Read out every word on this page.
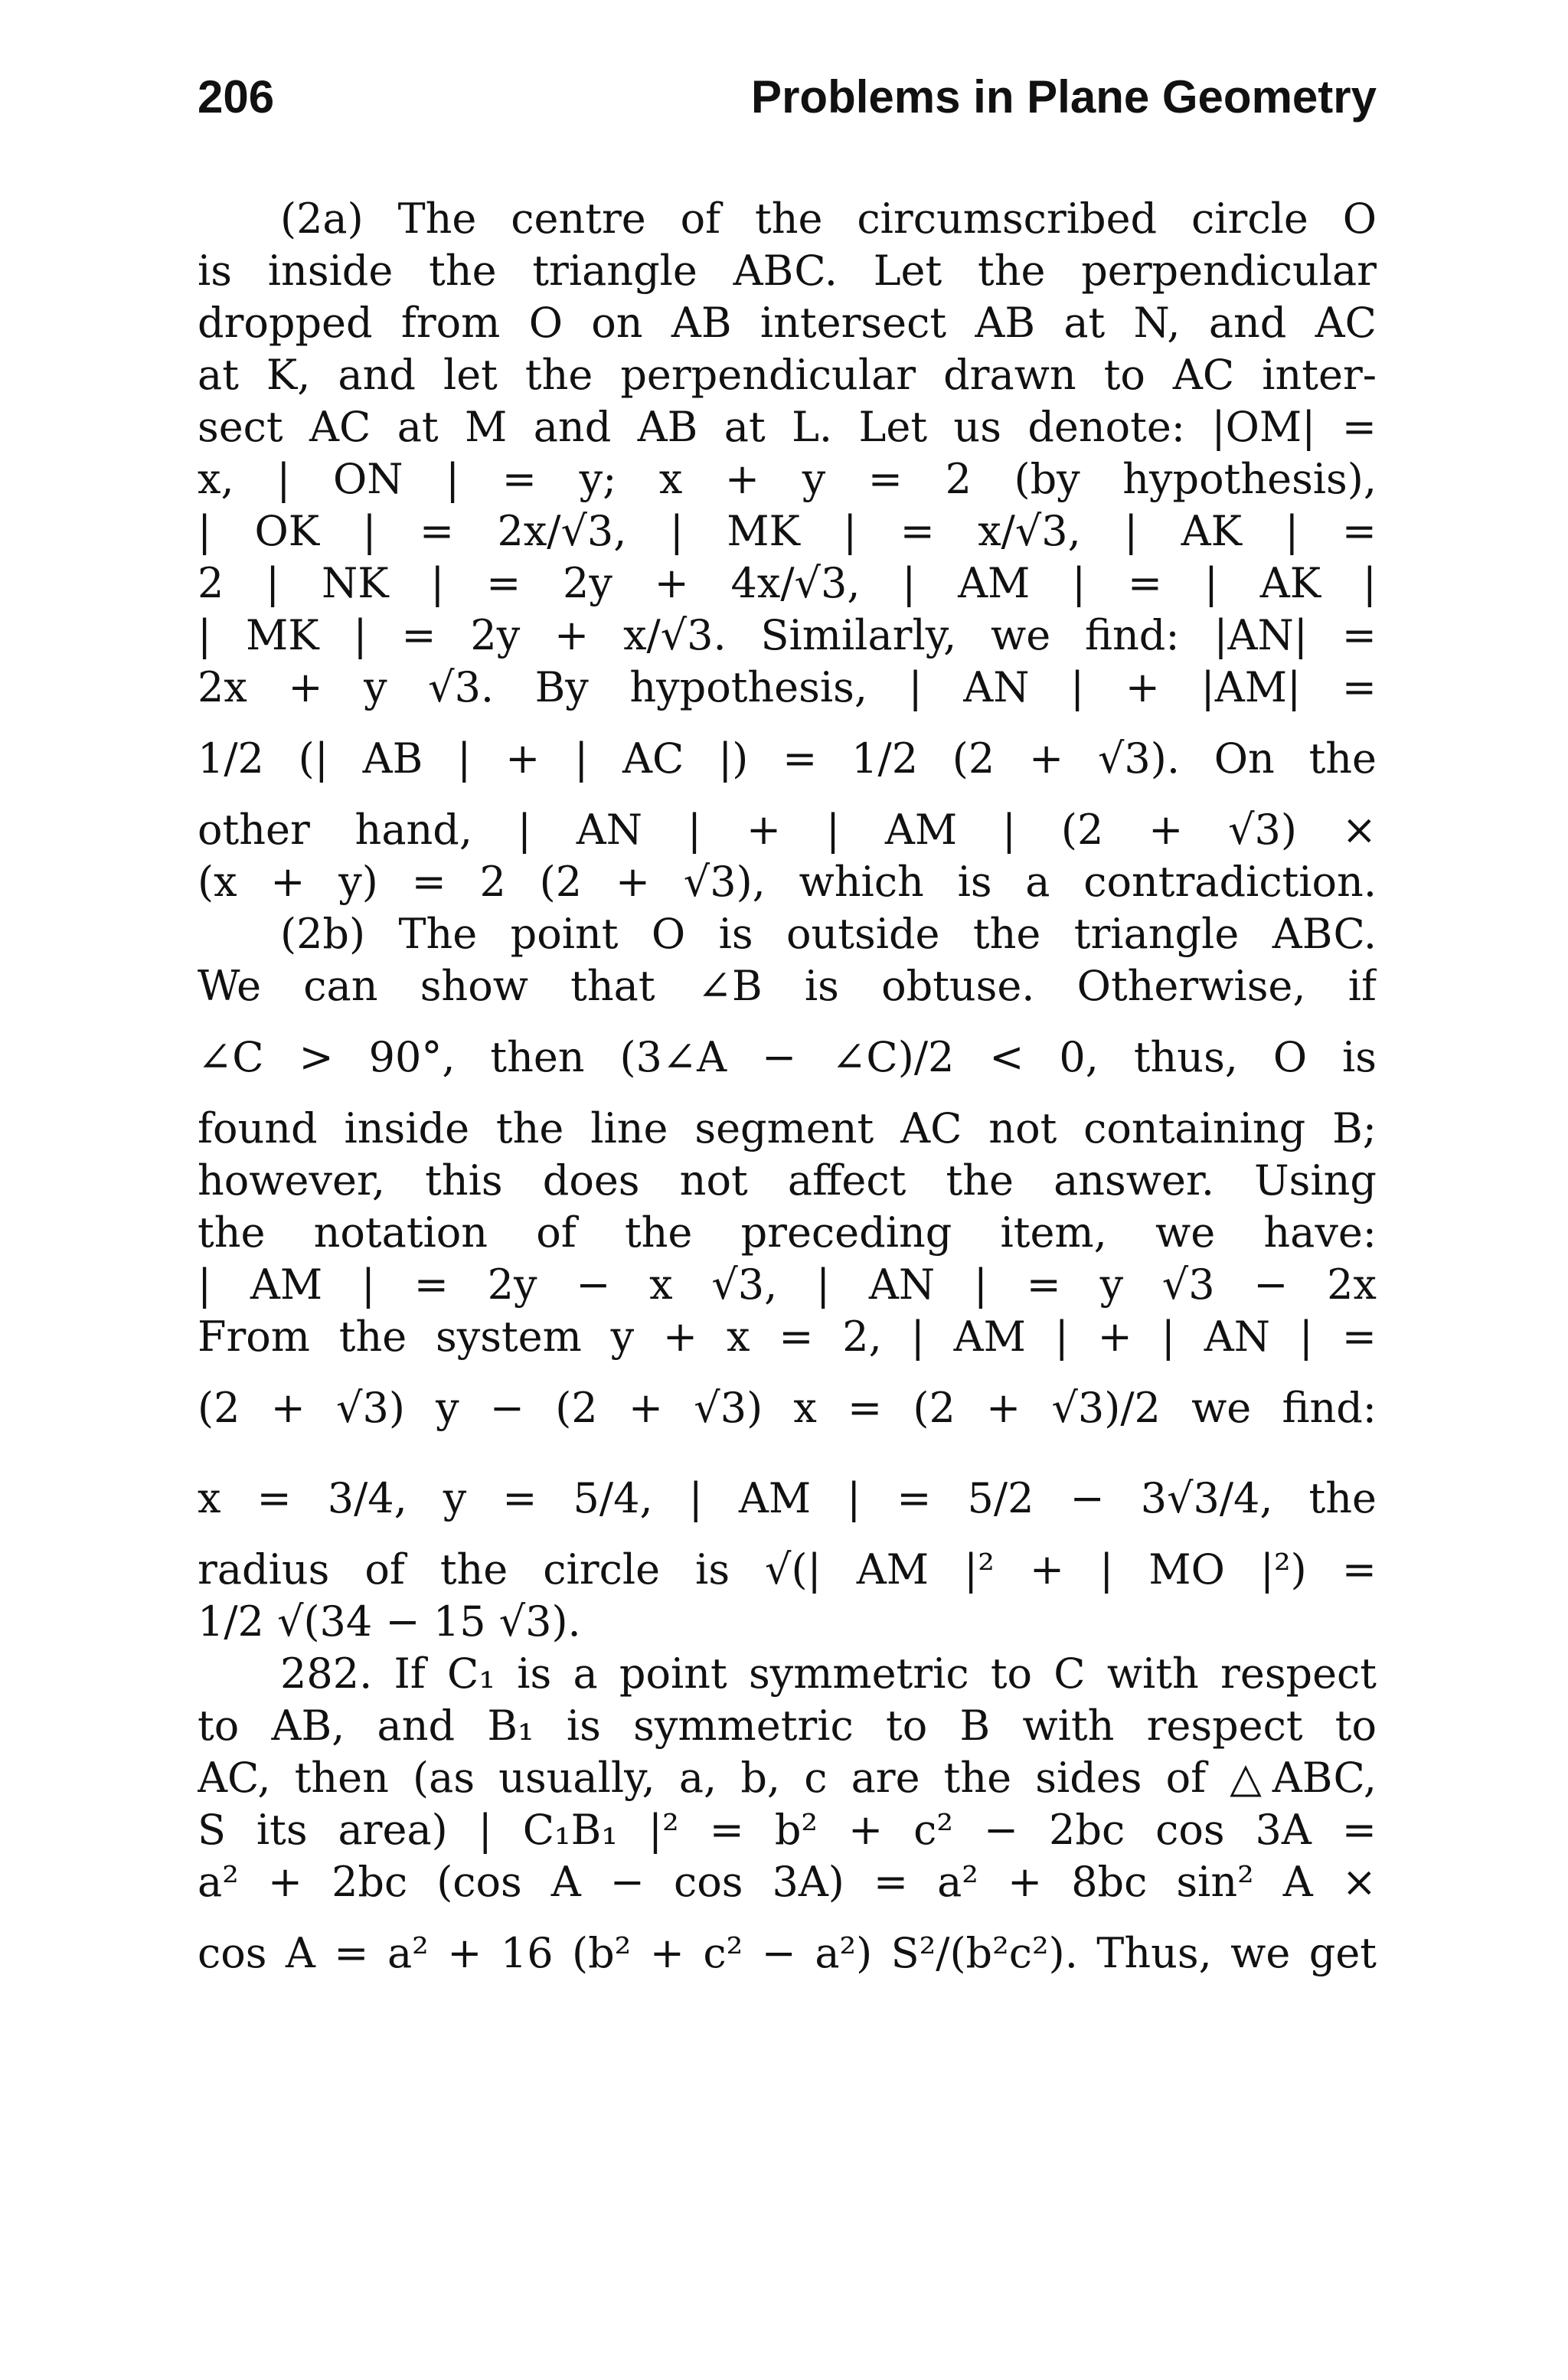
206	Problems in Plane Geometry
(2a) The centre of the circumscribed circle O
is inside the triangle ABC. Let the perpendicular
dropped from O on AB intersect AB at N, and AC
at K, and let the perpendicular drawn to AC inter-
sect AC at M and AB at L. Let us denote: |OM| =
x, | ON | = y; x + y = 2 (by hypothesis),
| OK | = 2x/√3, | MK | = x/√3, | AK | =
2 | NK | = 2y + 4x/√3, | AM | = | AK |
| MK | = 2y + x/√3. Similarly, we find: |AN| =
2x + y √3. By hypothesis, | AN | + |AM| =
1/2 (| AB | + | AC |) = 1/2 (2 + √3). On the
other hand, | AN | + | AM | (2 + √3) ×
(x + y) = 2 (2 + √3), which is a contradiction.
(2b) The point O is outside the triangle ABC.
We can show that ∠B is obtuse. Otherwise, if
∠C > 90°, then (3∠A − ∠C)/2 < 0, thus, O is
found inside the line segment AC not containing B;
however, this does not affect the answer. Using
the notation of the preceding item, we have:
| AM | = 2y − x √3, | AN | = y √3 − 2x
From the system y + x = 2, | AM | + | AN | =
(2 + √3) y − (2 + √3) x = (2 + √3)/2 we find:
x = 3/4, y = 5/4, | AM | = 5/2 − 3√3/4, the
radius of the circle is √(| AM |² + | MO |²) =
1/2 √(34 − 15 √3).
282. If C₁ is a point symmetric to C with respect
to AB, and B₁ is symmetric to B with respect to
AC, then (as usually, a, b, c are the sides of △ABC,
S its area) | C₁B₁ |² = b² + c² − 2bc cos 3A =
a² + 2bc (cos A − cos 3A) = a² + 8bc sin² A ×
cos A = a² + 16 (b² + c² − a²) S²/(b²c²). Thus, we get
